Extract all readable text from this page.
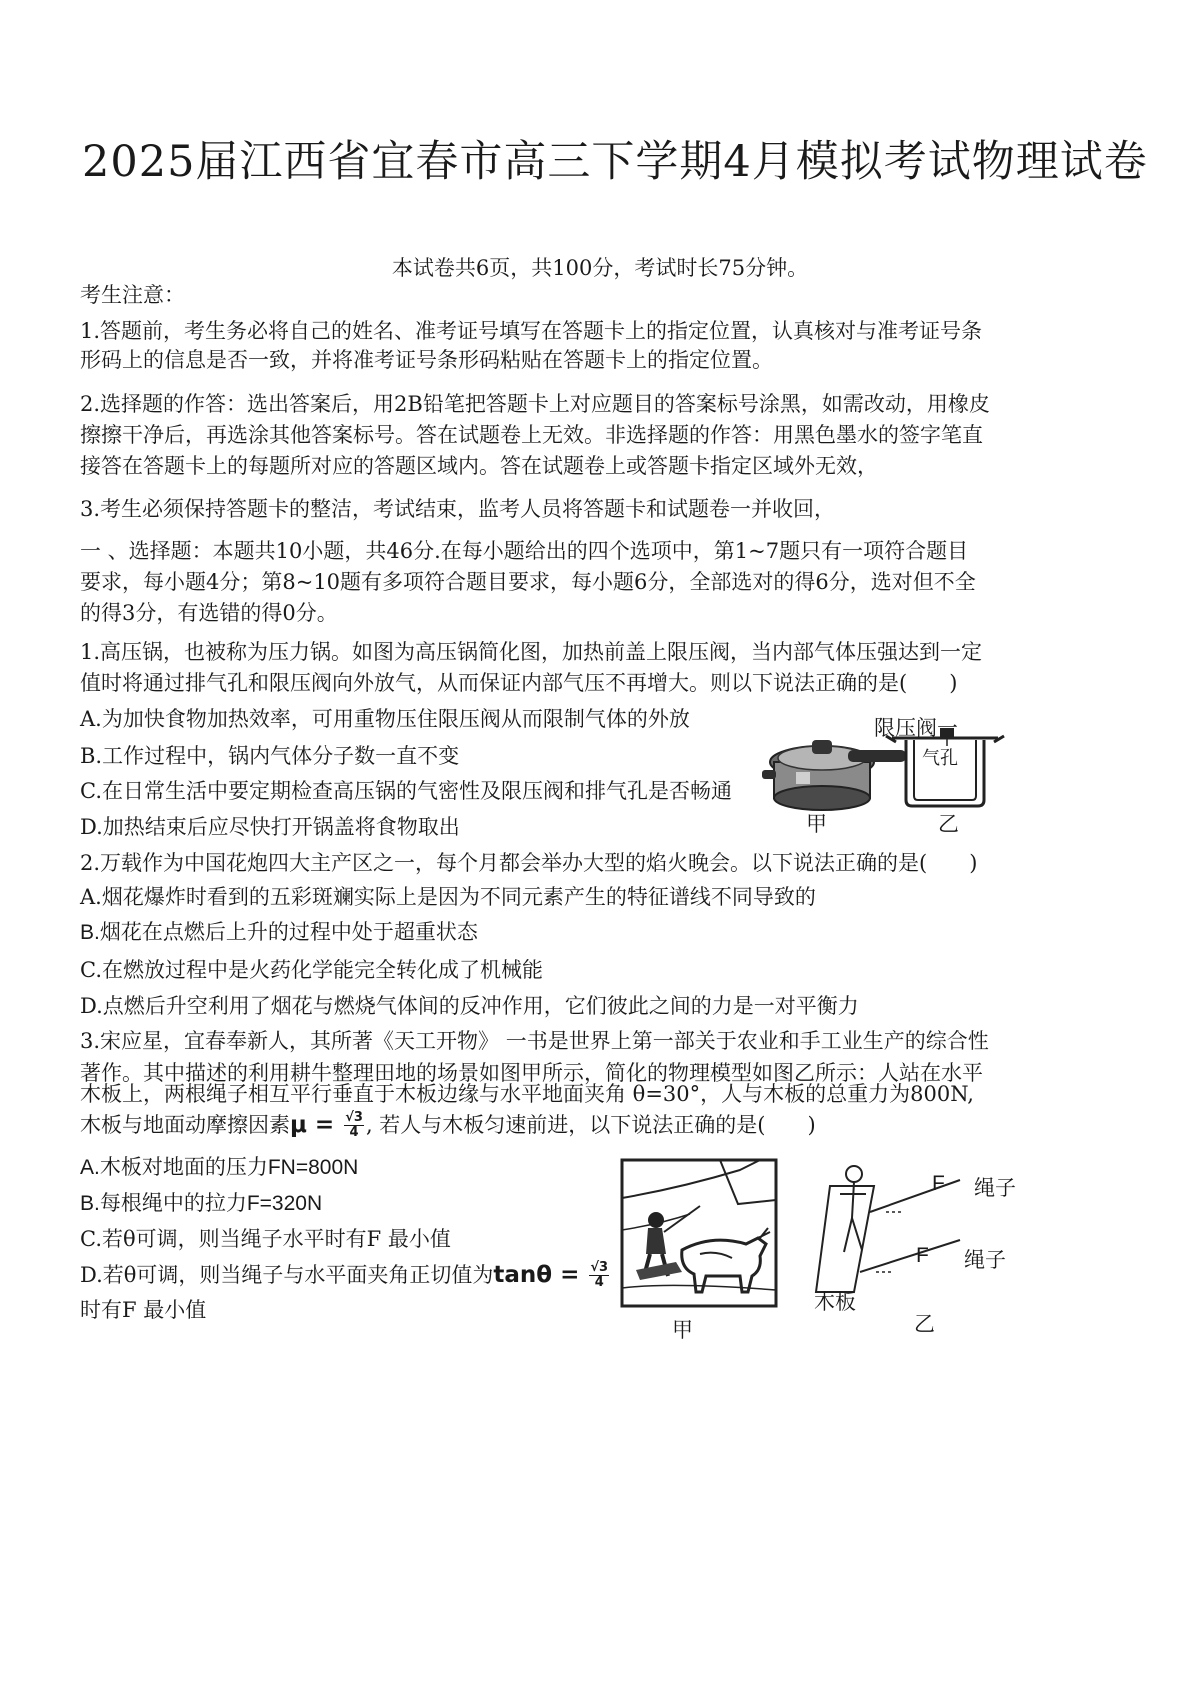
2025届江西省宜春市高三下学期4月模拟考试物理试卷
本试卷共6页，共100分，考试时长75分钟。
考生注意：
1.答题前，考生务必将自己的姓名、准考证号填写在答题卡上的指定位置，认真核对与准考证号条
形码上的信息是否一致，并将准考证号条形码粘贴在答题卡上的指定位置。
2.选择题的作答：选出答案后，用2B铅笔把答题卡上对应题目的答案标号涂黑，如需改动，用橡皮
擦擦干净后，再选涂其他答案标号。答在试题卷上无效。非选择题的作答：用黑色墨水的签字笔直
接答在答题卡上的每题所对应的答题区域内。答在试题卷上或答题卡指定区域外无效，
3.考生必须保持答题卡的整洁，考试结束，监考人员将答题卡和试题卷一并收回，
一 、选择题：本题共10小题，共46分.在每小题给出的四个选项中，第1~7题只有一项符合题目
要求，每小题4分；第8~10题有多项符合题目要求，每小题6分，全部选对的得6分，选对但不全
的得3分，有选错的得0分。
1.高压锅，也被称为压力锅。如图为高压锅简化图，加热前盖上限压阀，当内部气体压强达到一定
值时将通过排气孔和限压阀向外放气，从而保证内部气压不再增大。则以下说法正确的是(　　)
A.为加快食物加热效率，可用重物压住限压阀从而限制气体的外放
B.工作过程中，锅内气体分子数一直不变
C.在日常生活中要定期检查高压锅的气密性及限压阀和排气孔是否畅通
D.加热结束后应尽快打开锅盖将食物取出	甲
限压阀一
气孔
乙
2.万载作为中国花炮四大主产区之一，每个月都会举办大型的焰火晚会。以下说法正确的是(　　)
A.烟花爆炸时看到的五彩斑斓实际上是因为不同元素产生的特征谱线不同导致的
B.烟花在点燃后上升的过程中处于超重状态
C.在燃放过程中是火药化学能完全转化成了机械能
D.点燃后升空利用了烟花与燃烧气体间的反冲作用，它们彼此之间的力是一对平衡力
3.宋应星，宜春奉新人，其所著《天工开物》 一书是世界上第一部关于农业和手工业生产的综合性
著作。其中描述的利用耕牛整理田地的场景如图甲所示，简化的物理模型如图乙所示：人站在水平
木板上，两根绳子相互平行垂直于木板边缘与水平地面夹角 θ=30°，人与木板的总重力为800N,
木板与地面动摩擦因素$\mu = \frac{√3}{4}$ , 若人与木板匀速前进，以下说法正确的是(　　)
A.木板对地面的压力FN=800N
B.每根绳中的拉力F=320N
C.若θ可调，则当绳子水平时有F 最小值
D.若θ可调，则当绳子与水平面夹角正切值为$\tan\theta = \frac{√3}{4}$
时有F 最小值
甲
F 绳子
F 绳子
木板
乙
